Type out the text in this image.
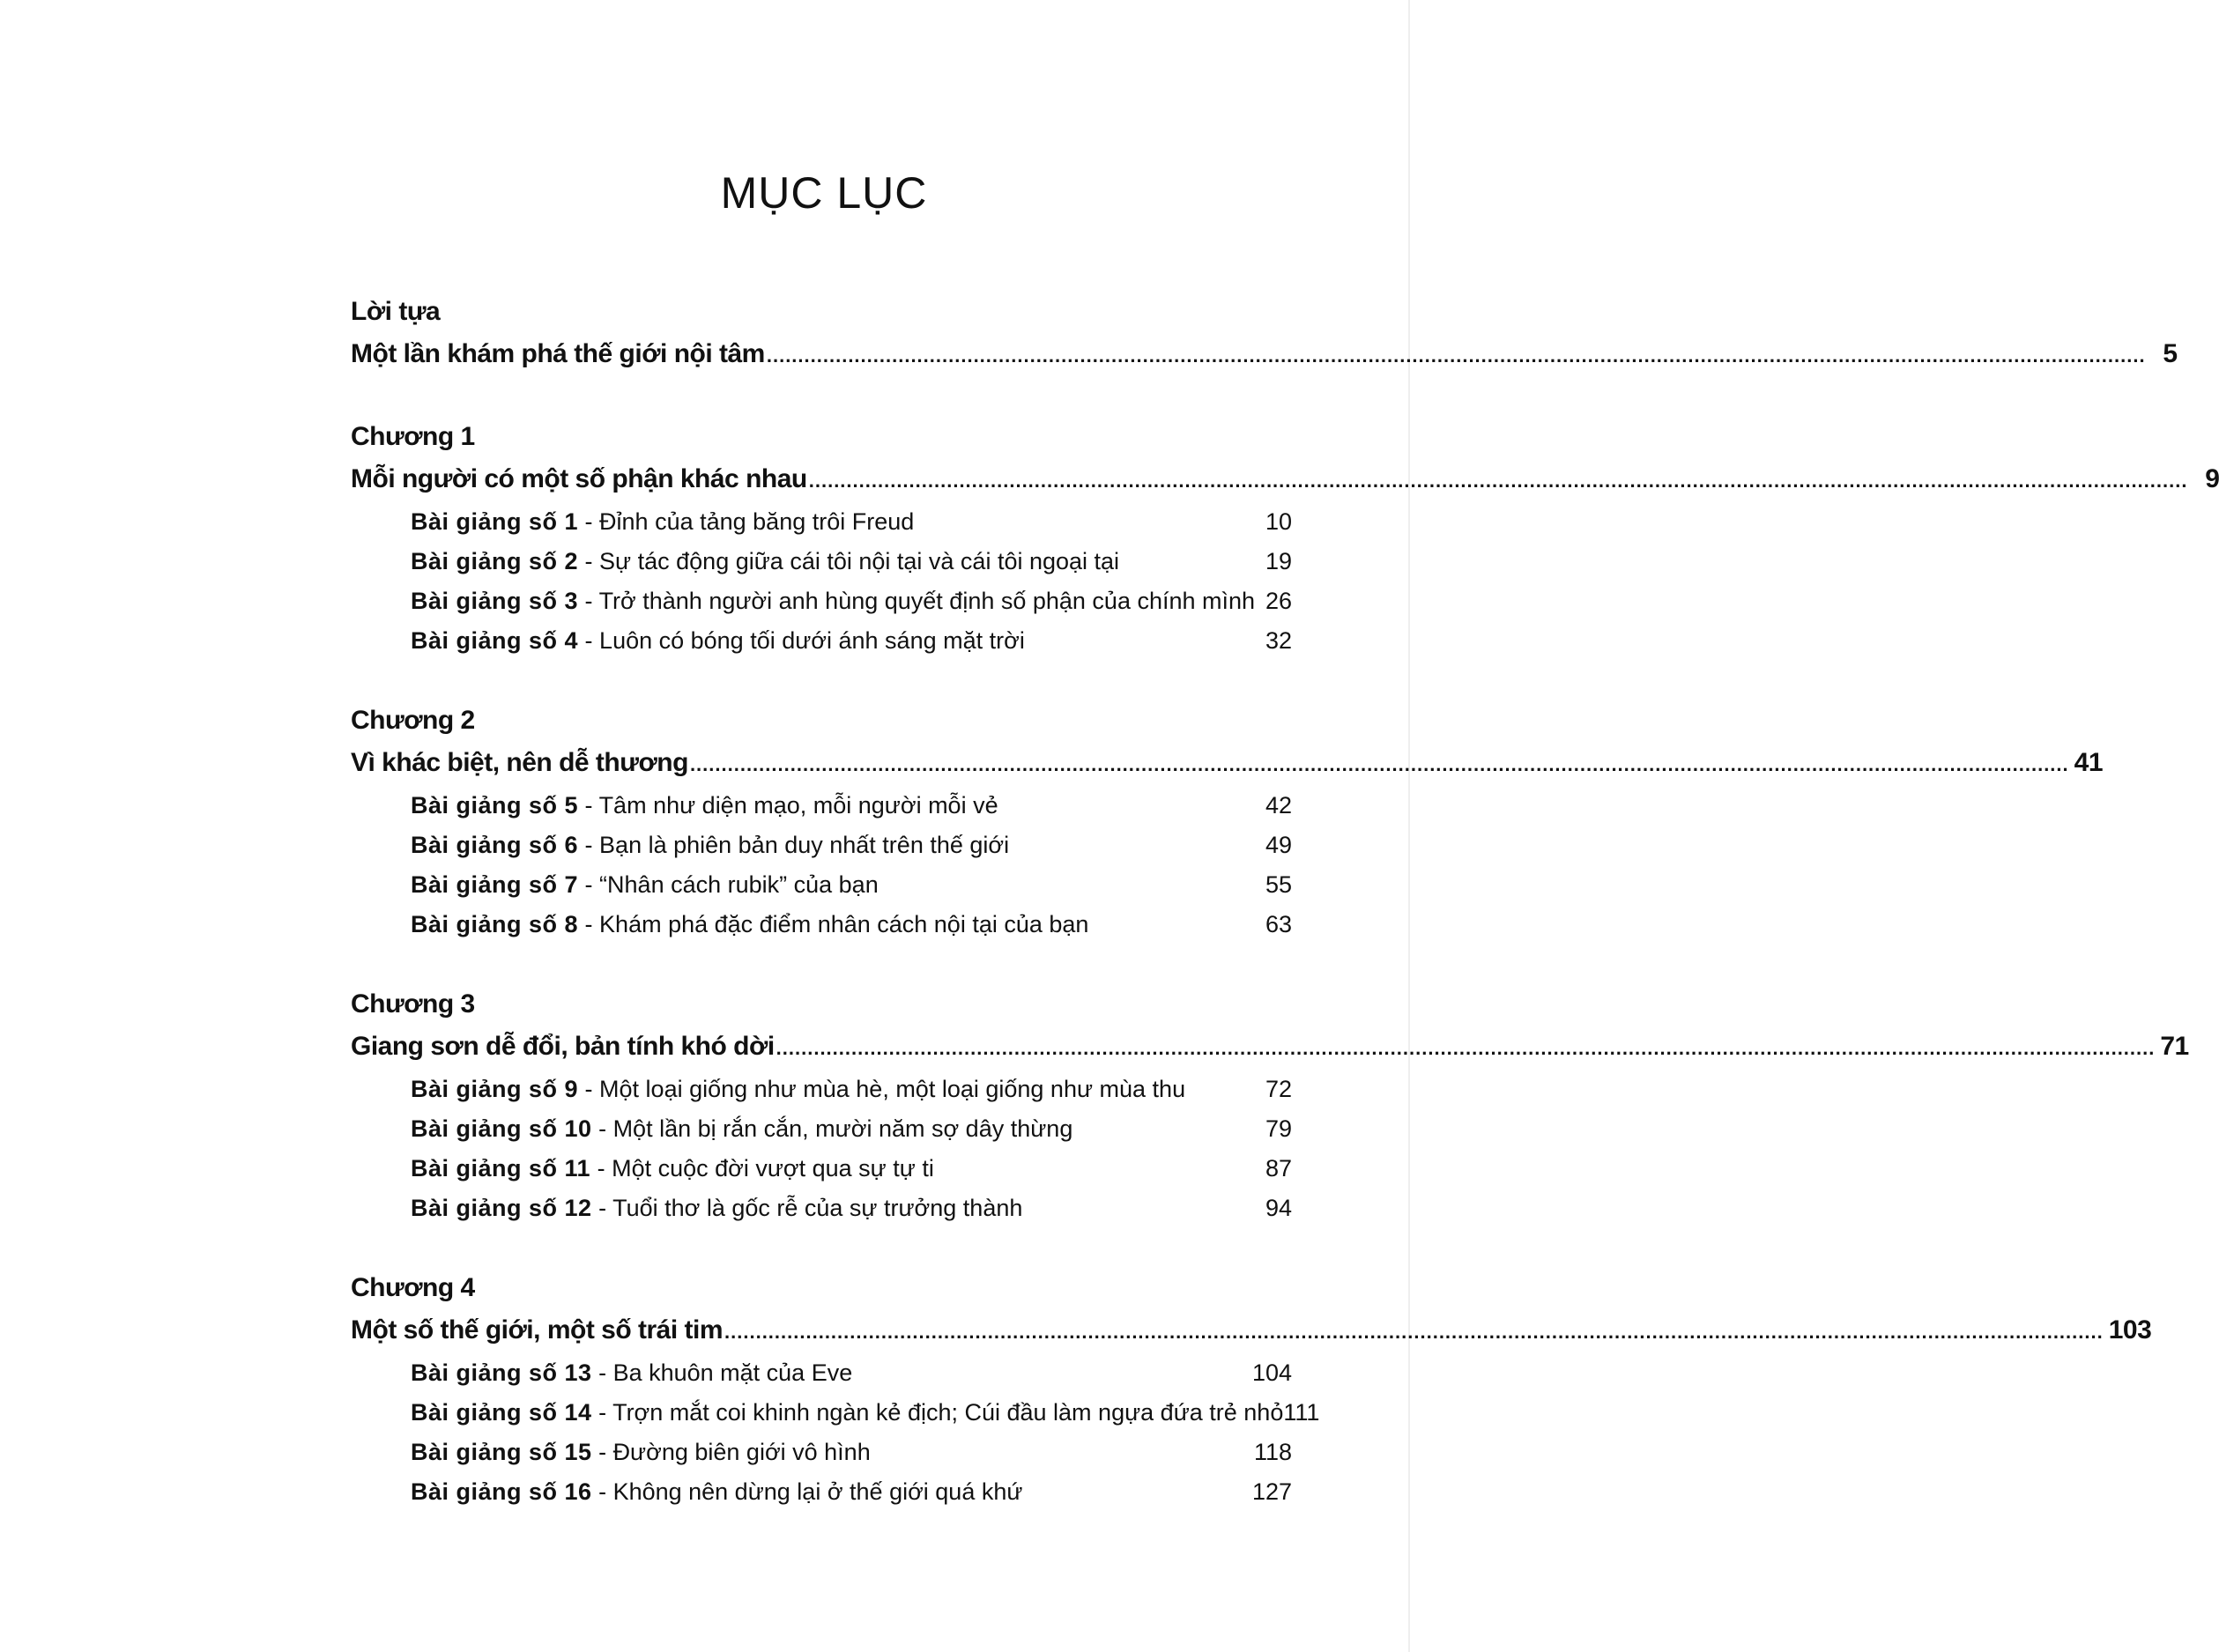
MỤC LỤC
Lời tựa
Một lần khám phá thế giới nội tâm ............................................................................................................................................................................................................................ 5
Chương 1
Mỗi người có một số phận khác nhau ............................................................................................................................................................................................................................ 9
Bài giảng số 1 - Đỉnh của tảng băng trôi Freud	10
Bài giảng số 2 - Sự tác động giữa cái tôi nội tại và cái tôi ngoại tại	19
Bài giảng số 3 - Trở thành người anh hùng quyết định số phận của chính mình 26
Bài giảng số 4 - Luôn có bóng tối dưới ánh sáng mặt trời	32
Chương 2
Vì khác biệt, nên dễ thương ............................................................................................................................................................................................................................ 41
Bài giảng số 5 - Tâm như diện mạo, mỗi người mỗi vẻ	42
Bài giảng số 6 - Bạn là phiên bản duy nhất trên thế giới	49
Bài giảng số 7 - “Nhân cách rubik” của bạn	55
Bài giảng số 8 - Khám phá đặc điểm nhân cách nội tại của bạn	63
Chương 3
Giang sơn dễ đổi, bản tính khó dời ............................................................................................................................................................................................................................ 71
Bài giảng số 9 - Một loại giống như mùa hè, một loại giống như mùa thu	72
Bài giảng số 10 - Một lần bị rắn cắn, mười năm sợ dây thừng	79
Bài giảng số 11 - Một cuộc đời vượt qua sự tự ti	87
Bài giảng số 12 - Tuổi thơ là gốc rễ của sự trưởng thành	94
Chương 4
Một số thế giới, một số trái tim ............................................................................................................................................................................................................................ 103
Bài giảng số 13 - Ba khuôn mặt của Eve	104
Bài giảng số 14 - Trợn mắt coi khinh ngàn kẻ địch; Cúi đầu làm ngựa đứa trẻ nhỏ 111
Bài giảng số 15 - Đường biên giới vô hình	118
Bài giảng số 16 - Không nên dừng lại ở thế giới quá khứ	127
